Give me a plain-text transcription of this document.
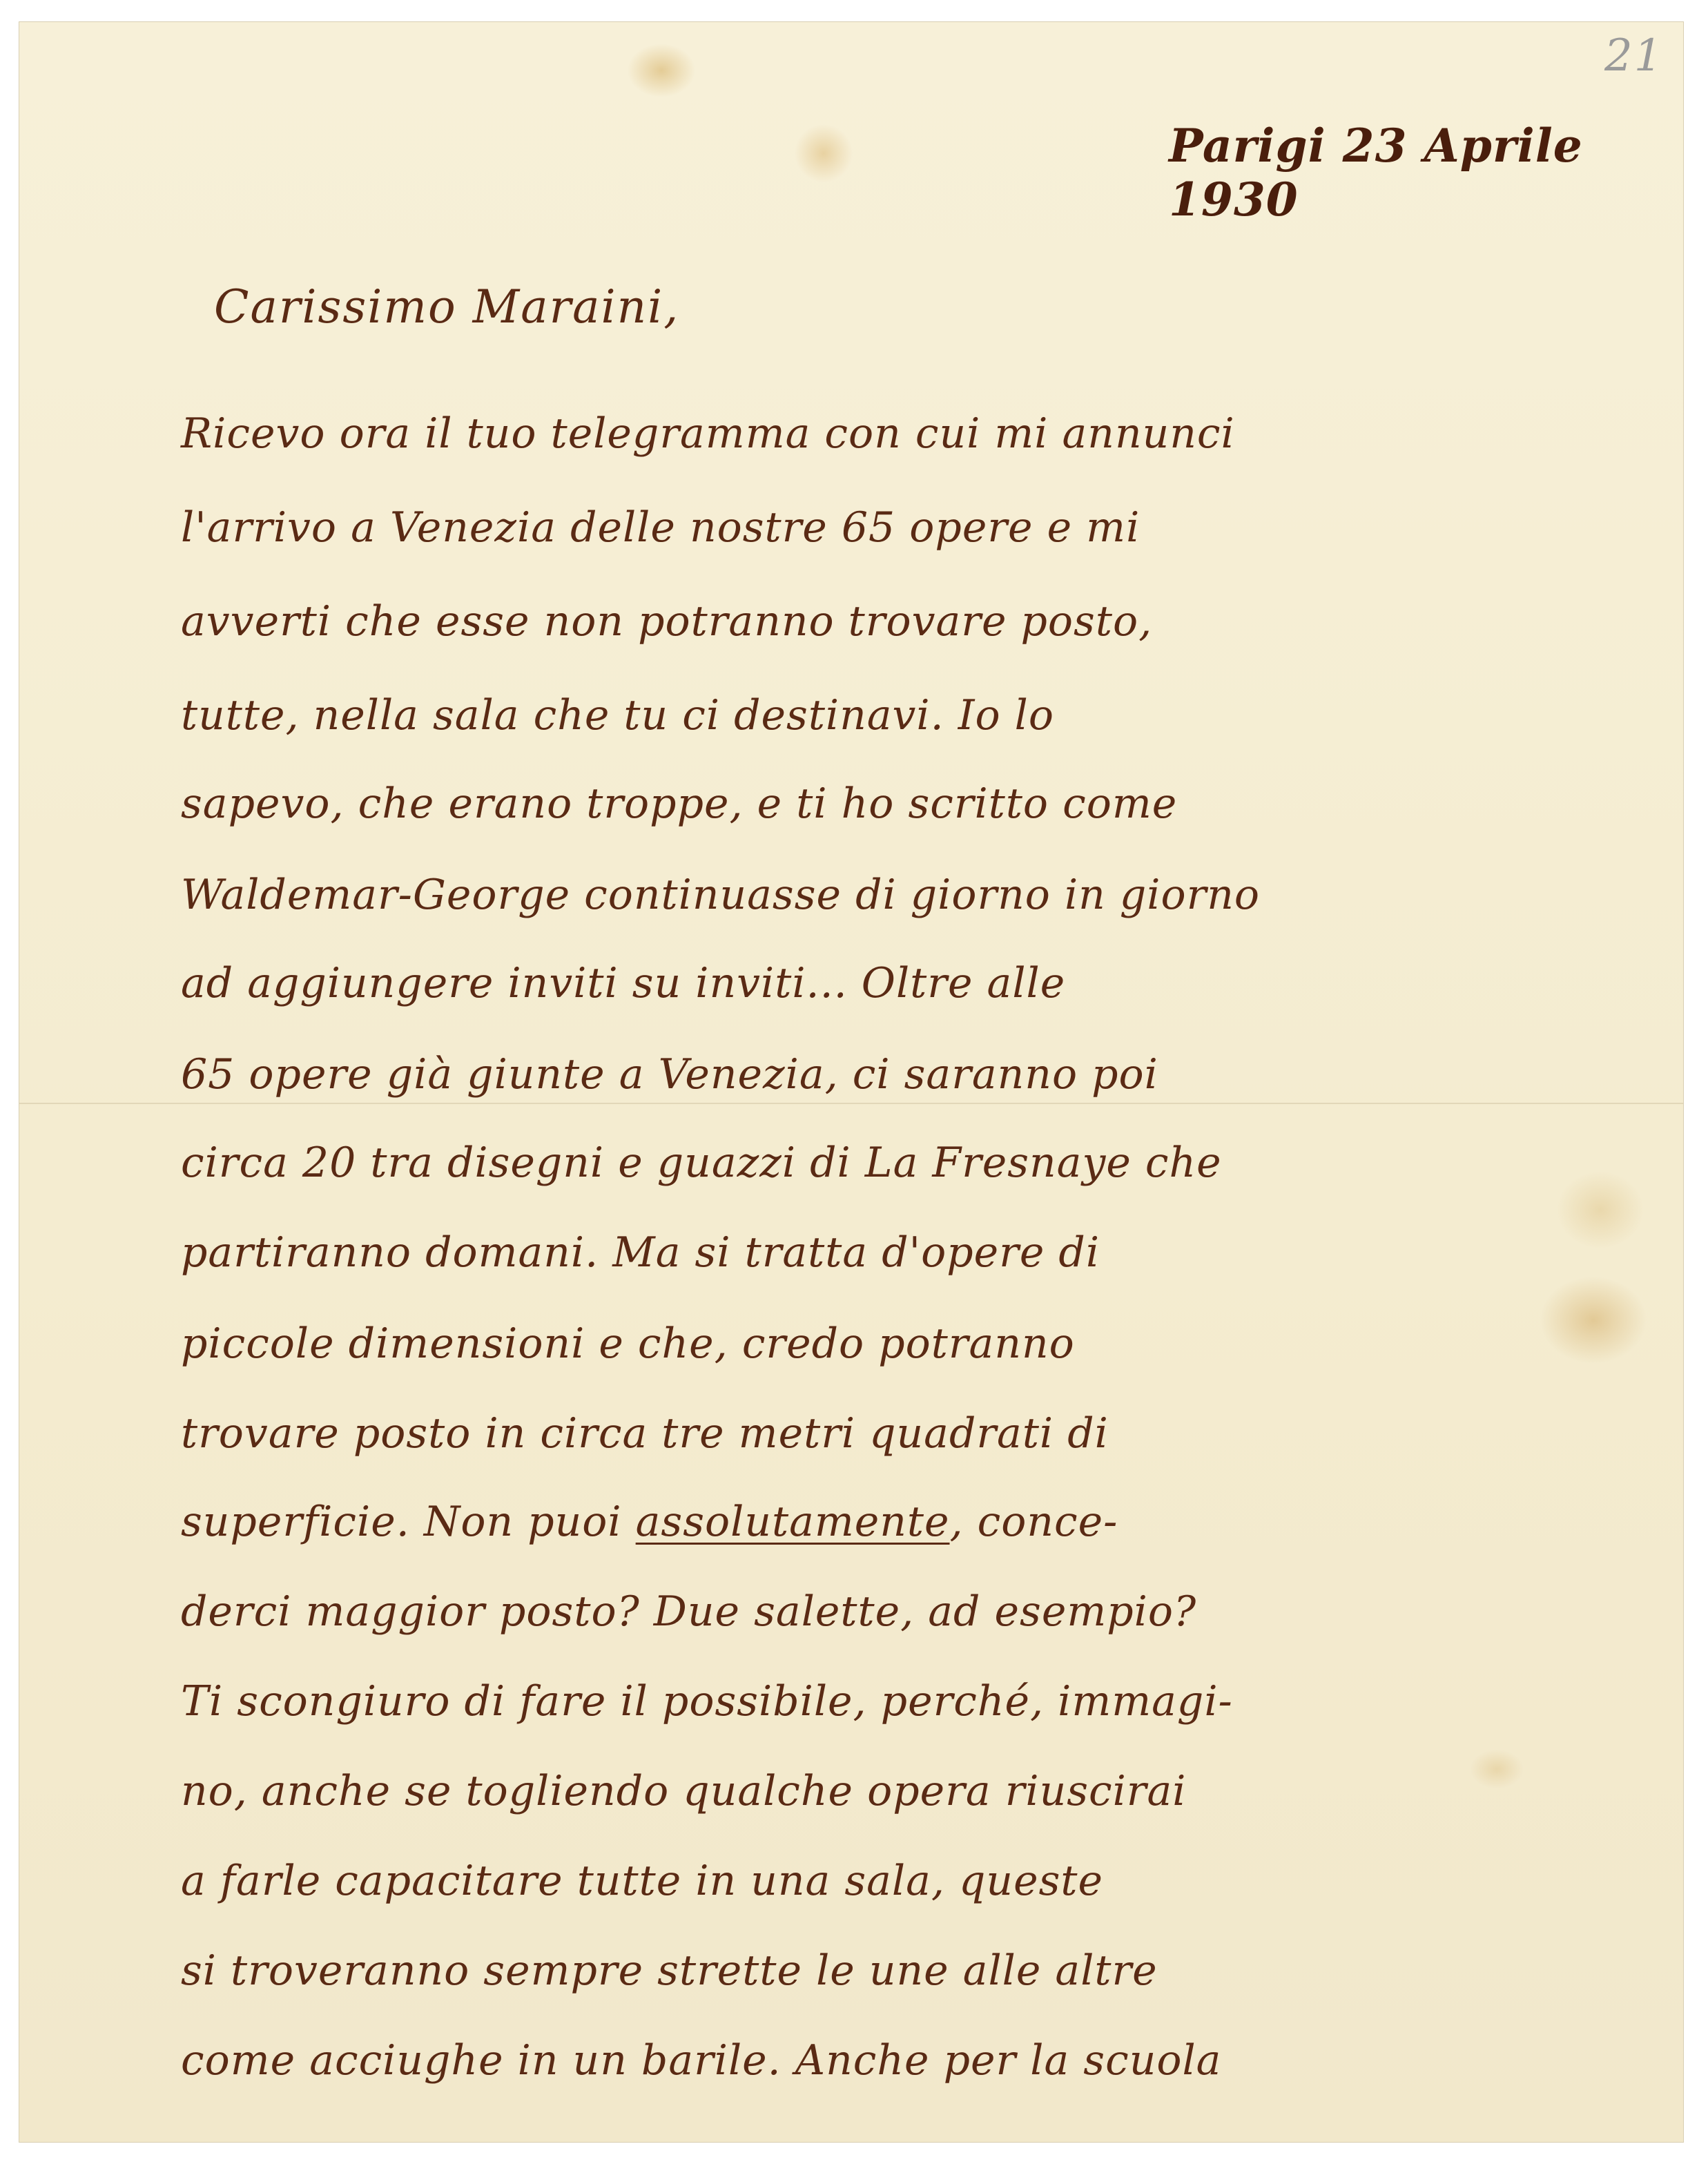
21
Parigi 23 Aprile 1930
Carissimo Maraini,
Ricevo ora il tuo telegramma con cui mi annunci
l'arrivo a Venezia delle nostre 65 opere e mi
avverti che esse non potranno trovare posto,
tutte, nella sala che tu ci destinavi. Io lo
sapevo, che erano troppe, e ti ho scritto come
Waldemar-George continuasse di giorno in giorno
ad aggiungere inviti su inviti... Oltre alle
65 opere già giunte a Venezia, ci saranno poi
circa 20 tra disegni e guazzi di La Fresnaye che
partiranno domani. Ma si tratta d'opere di
piccole dimensioni e che, credo potranno
trovare posto in circa tre metri quadrati di
superficie. Non puoi assolutamente, conce-
derci maggior posto? Due salette, ad esempio?
Ti scongiuro di fare il possibile, perché, immagi-
no, anche se togliendo qualche opera riuscirai
a farle capacitare tutte in una sala, queste
si troveranno sempre strette le une alle altre
come acciughe in un barile. Anche per la scuola
